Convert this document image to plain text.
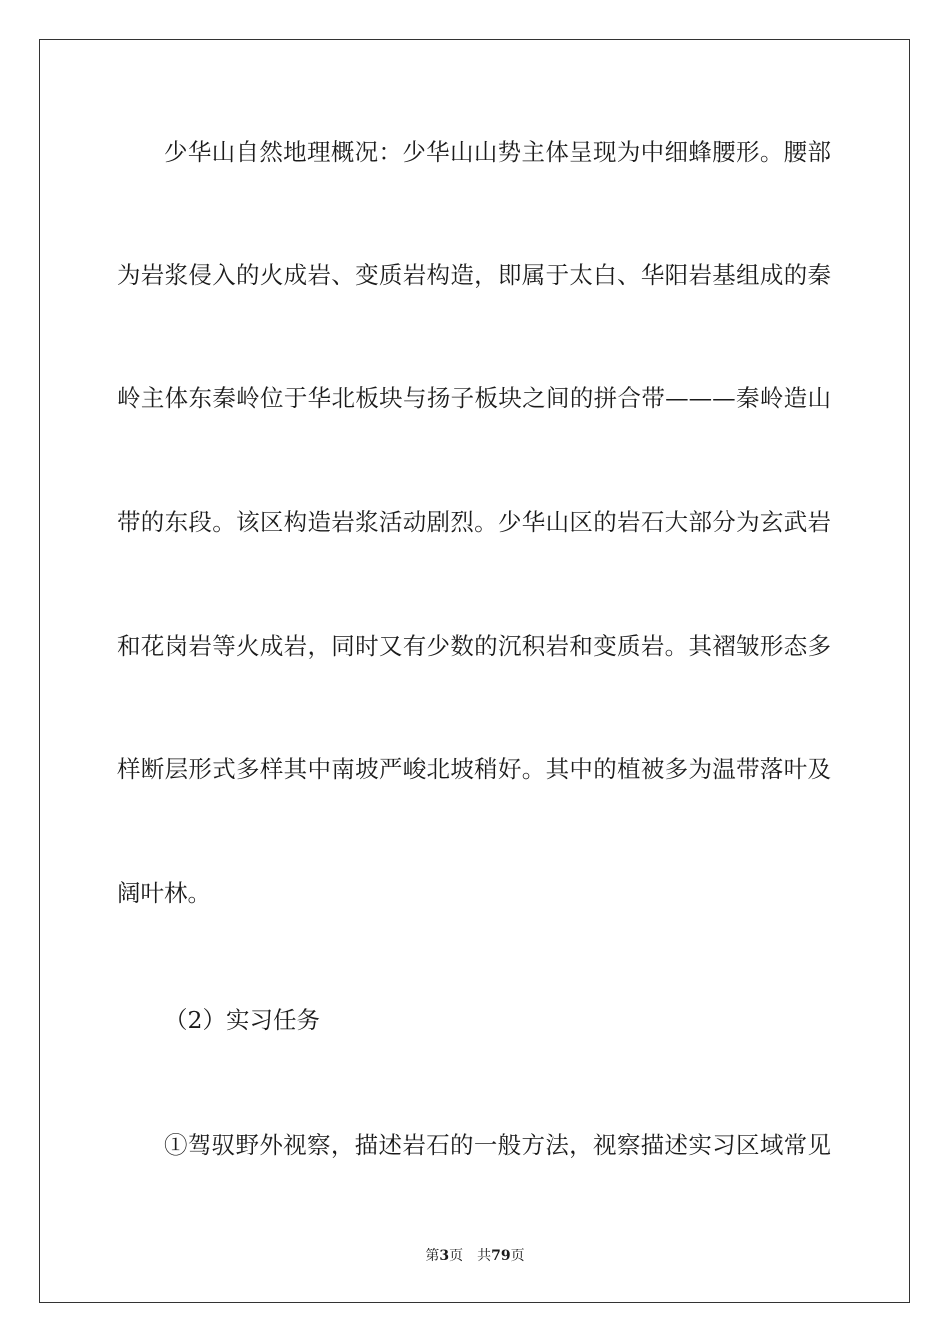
少华山自然地理概况：少华山山势主体呈现为中细蜂腰形。腰部
为岩浆侵入的火成岩、变质岩构造，即属于太白、华阳岩基组成的秦
岭主体东秦岭位于华北板块与扬子板块之间的拼合带———秦岭造山
带的东段。该区构造岩浆活动剧烈。少华山区的岩石大部分为玄武岩
和花岗岩等火成岩，同时又有少数的沉积岩和变质岩。其褶皱形态多
样断层形式多样其中南坡严峻北坡稍好。其中的植被多为温带落叶及
阔叶林。
（2）实习任务
①驾驭野外视察，描述岩石的一般方法，视察描述实习区域常见
第3页 共79页
